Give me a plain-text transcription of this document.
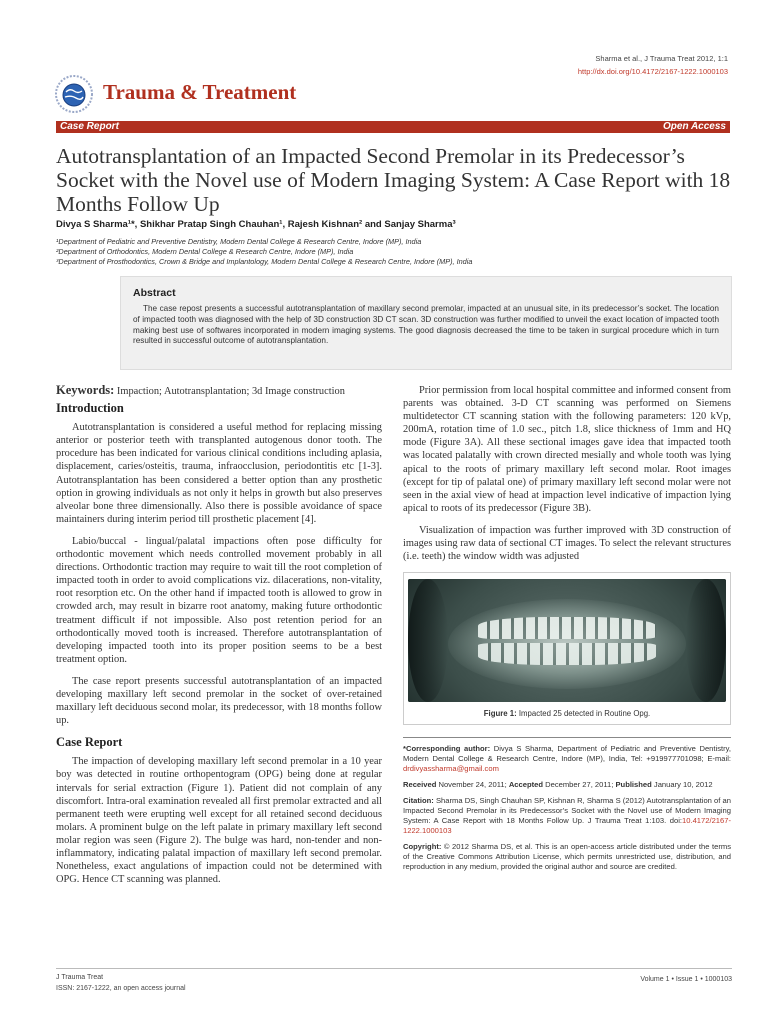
Sharma et al., J Trauma Treat 2012, 1:1
http://dx.doi.org/10.4172/2167-1222.1000103
Trauma & Treatment
Case Report	Open Access
Autotransplantation of an Impacted Second Premolar in its Predecessor’s Socket with the Novel use of Modern Imaging System: A Case Report with 18 Months Follow Up
Divya S Sharma¹*, Shikhar Pratap Singh Chauhan¹, Rajesh Kishnan² and Sanjay Sharma³
¹Department of Pediatric and Preventive Dentistry, Modern Dental College & Research Centre, Indore (MP), India
²Department of Orthodontics, Modern Dental College & Research Centre, Indore (MP), India
³Department of Prosthodontics, Crown & Bridge and Implantology, Modern Dental College & Research Centre, Indore (MP), India
Abstract

The case repost presents a successful autotransplantation of maxillary second premolar, impacted at an unusual site, in its predecessor’s socket. The location of impacted tooth was diagnosed with the help of 3D construction 3D CT scan. 3D construction was further modified to unveil the exact location of impacted tooth making best use of softwares incorporated in modern imaging systems. The good diagnosis decreased the time to be taken in surgical procedure which in turn resulted in successful outcome of autotransplantation.

Keywords: Impaction; Autotransplantation; 3d Image construction
Introduction

Autotransplantation is considered a useful method for replacing missing anterior or posterior teeth with transplanted autogenous donor tooth. The procedure has been indicated for various clinical conditions including aplasia, displacement, caries/osteitis, trauma, infraocclusion, periodontitis etc [1-3]. Autotransplantation has been considered a better option than any prosthetic option in growing individuals as not only it helps in growth but also preserves alveolar bone three dimensionally. Also there is possible avoidance of space maintainers during interim period till prosthetic placement [4].

Labio/buccal - lingual/palatal impactions often pose difficulty for orthodontic movement which needs controlled movement probably in all directions. Orthodontic traction may require to wait till the root completion of impacted tooth in order to avoid complications viz. dilacerations, non-vitality, root resorption etc. On the other hand if impacted tooth is allowed to grow in crowded arch, may result in bizarre root anatomy, making future orthodontic treatment difficult if not impossible. Also post retention period for an orthodontically moved tooth is increased. Therefore autotransplantation of developing impacted tooth into its proper position seems to be a best treatment option.

The case report presents successful autotransplantation of an impacted developing maxillary left second premolar in the socket of over-retained maxillary left deciduous second molar, its predecessor, with 18 months follow up.

Case Report

The impaction of developing maxillary left second premolar in a 10 year boy was detected in routine orthopentogram (OPG) being done at regular intervals for serial extraction (Figure 1). Patient did not complain of any discomfort. Intra-oral examination revealed all first premolar extracted and all permanent teeth were erupting well except for all retained second deciduous molars. A prominent bulge on the left palate in primary maxillary left second molar region was seen (Figure 2). The bulge was hard, non-tender and non-inflammatory, indicating palatal impaction of maxillary left second premolar. Nonetheless, exact angulations of impaction could not be determined with OPG. Hence CT scanning was planned.

Prior permission from local hospital committee and informed consent from parents was obtained. 3-D CT scanning was performed on Siemens multidetector CT scanning station with the following parameters: 120 kVp, 200mA, rotation time of 1.0 sec., pitch 1.8, slice thickness of 1mm and HQ mode (Figure 3A). All these sectional images gave idea that impacted tooth was located palatally with crown directed mesially and whole tooth was lying apical to the roots of primary maxillary left second molar. Root images (except for tip of palatal one) of primary maxillary left second molar were not seen in the axial view of head at impaction level indicative of impaction lying apical to roots of its predecessor (Figure 3B).

Visualization of impaction was further improved with 3D construction of images using raw data of sectional CT images. To select the relevant structures (i.e. teeth) the window width was adjusted

Figure 1: Impacted 25 detected in Routine Opg.

*Corresponding author: Divya S Sharma, Department of Pediatric and Preventive Dentistry, Modern Dental College & Research Centre, Indore (MP), India, Tel: +919977701098; E-mail: drdivyassharma@gmail.com

Received November 24, 2011; Accepted December 27, 2011; Published January 10, 2012

Citation: Sharma DS, Singh Chauhan SP, Kishnan R, Sharma S (2012) Autotransplantation of an Impacted Second Premolar in its Predecessor’s Socket with the Novel use of Modern Imaging System: A Case Report with 18 Months Follow Up. J Trauma Treat 1:103. doi:10.4172/2167-1222.1000103

Copyright: © 2012 Sharma DS, et al. This is an open-access article distributed under the terms of the Creative Commons Attribution License, which permits unrestricted use, distribution, and reproduction in any medium, provided the original author and source are credited.

J Trauma Treat
ISSN: 2167-1222, an open access journal
Volume 1 • Issue 1 • 1000103
